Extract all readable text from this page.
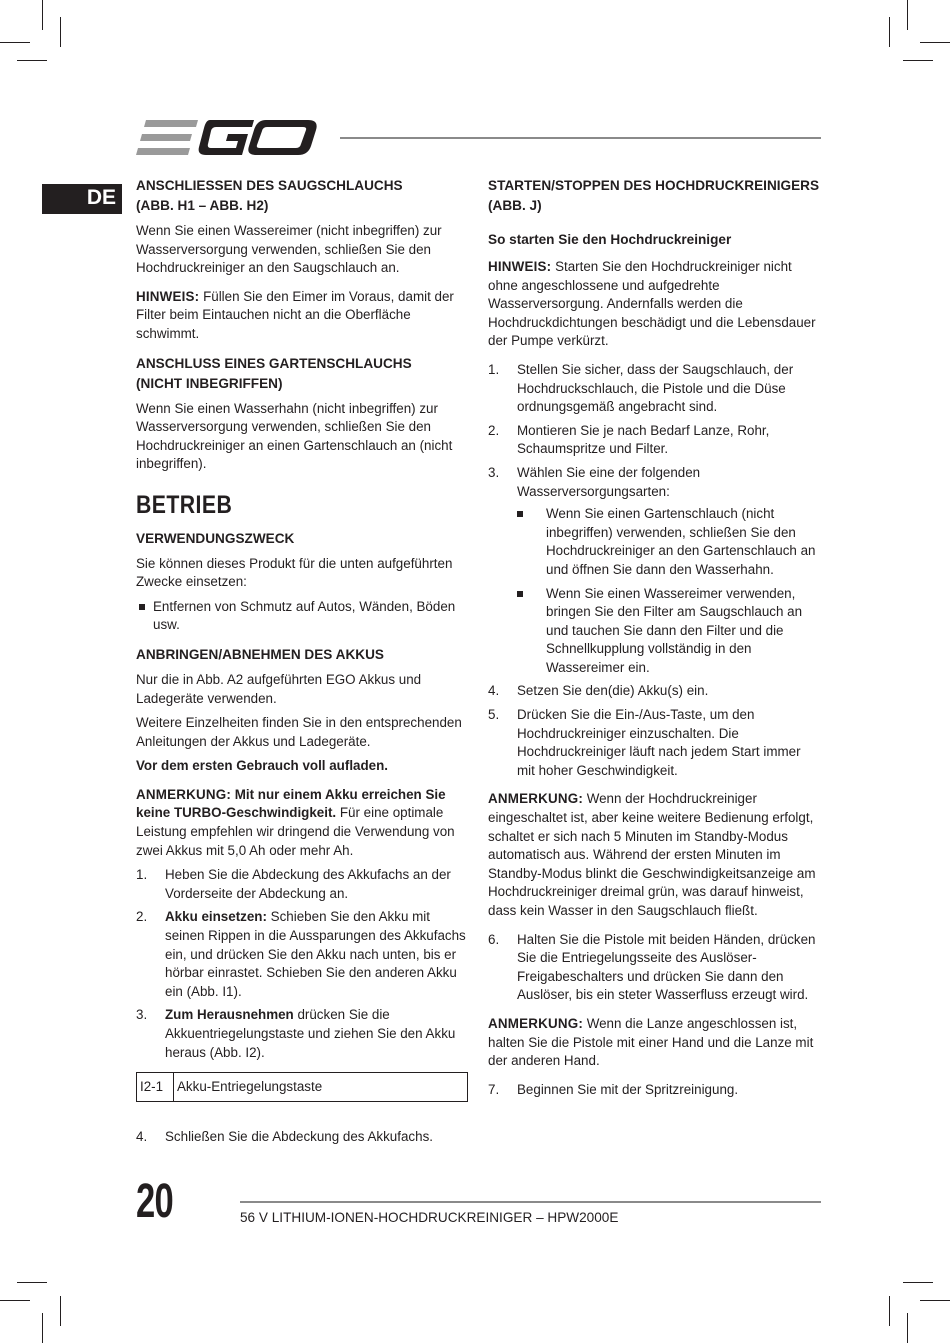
DE
ANSCHLIESSEN DES SAUGSCHLAUCHS
(ABB. H1 – ABB. H2)

Wenn Sie einen Wassereimer (nicht inbegriffen) zur Wasserversorgung verwenden, schließen Sie den Hochdruckreiniger an den Saugschlauch an.

HINWEIS: Füllen Sie den Eimer im Voraus, damit der Filter beim Eintauchen nicht an die Oberfläche schwimmt.

ANSCHLUSS EINES GARTENSCHLAUCHS
(NICHT INBEGRIFFEN)

Wenn Sie einen Wasserhahn (nicht inbegriffen) zur Wasserversorgung verwenden, schließen Sie den Hochdruckreiniger an einen Gartenschlauch an (nicht inbegriffen).

BETRIEB
VERWENDUNGSZWECK

Sie können dieses Produkt für die unten aufgeführten Zwecke einsetzen:

Entfernen von Schmutz auf Autos, Wänden, Böden usw.
ANBRINGEN/ABNEHMEN DES AKKUS

Nur die in Abb. A2 aufgeführten EGO Akkus und Ladegeräte verwenden.

Weitere Einzelheiten finden Sie in den entsprechenden Anleitungen der Akkus und Ladegeräte.

Vor dem ersten Gebrauch voll aufladen.

ANMERKUNG: Mit nur einem Akku erreichen Sie keine TURBO-Geschwindigkeit. Für eine optimale Leistung empfehlen wir dringend die Verwendung von zwei Akkus mit 5,0 Ah oder mehr Ah.

1. Heben Sie die Abdeckung des Akkufachs an der Vorderseite der Abdeckung an.
2. Akku einsetzen: Schieben Sie den Akku mit seinen Rippen in die Aussparungen des Akkufachs ein, und drücken Sie den Akku nach unten, bis er hörbar einrastet. Schieben Sie den anderen Akku ein (Abb. I1).
3. Zum Herausnehmen drücken Sie die Akkuentriegelungstaste und ziehen Sie den Akku heraus (Abb. I2).
I2-1	Akku-Entriegelungstaste
4. Schließen Sie die Abdeckung des Akkufachs.
STARTEN/STOPPEN DES HOCHDRUCKREINIGERS
(ABB. J)
So starten Sie den Hochdruckreiniger

HINWEIS: Starten Sie den Hochdruckreiniger nicht ohne angeschlossene und aufgedrehte Wasserversorgung. Andernfalls werden die Hochdruckdichtungen beschädigt und die Lebensdauer der Pumpe verkürzt.

1. Stellen Sie sicher, dass der Saugschlauch, der Hochdruckschlauch, die Pistole und die Düse ordnungsgemäß angebracht sind.
2. Montieren Sie je nach Bedarf Lanze, Rohr, Schaumspritze und Filter.
3. Wählen Sie eine der folgenden Wasserversorgungsarten:
Wenn Sie einen Gartenschlauch (nicht inbegriffen) verwenden, schließen Sie den Hochdruckreiniger an den Gartenschlauch an und öffnen Sie dann den Wasserhahn.
Wenn Sie einen Wassereimer verwenden, bringen Sie den Filter am Saugschlauch an und tauchen Sie dann den Filter und die Schnellkupplung vollständig in den Wassereimer ein.
4. Setzen Sie den(die) Akku(s) ein.
5. Drücken Sie die Ein-/Aus-Taste, um den Hochdruckreiniger einzuschalten. Die Hochdruckreiniger läuft nach jedem Start immer mit hoher Geschwindigkeit.

ANMERKUNG: Wenn der Hochdruckreiniger eingeschaltet ist, aber keine weitere Bedienung erfolgt, schaltet er sich nach 5 Minuten im Standby-Modus automatisch aus. Während der ersten Minuten im Standby-Modus blinkt die Geschwindigkeitsanzeige am Hochdruckreiniger dreimal grün, was darauf hinweist, dass kein Wasser in den Saugschlauch fließt.

6. Halten Sie die Pistole mit beiden Händen, drücken Sie die Entriegelungsseite des Auslöser-Freigabeschalters und drücken Sie dann den Auslöser, bis ein steter Wasserfluss erzeugt wird.

ANMERKUNG: Wenn die Lanze angeschlossen ist, halten Sie die Pistole mit einer Hand und die Lanze mit der anderen Hand.

7. Beginnen Sie mit der Spritzreinigung.
20	56 V LITHIUM-IONEN-HOCHDRUCKREINIGER – HPW2000E
